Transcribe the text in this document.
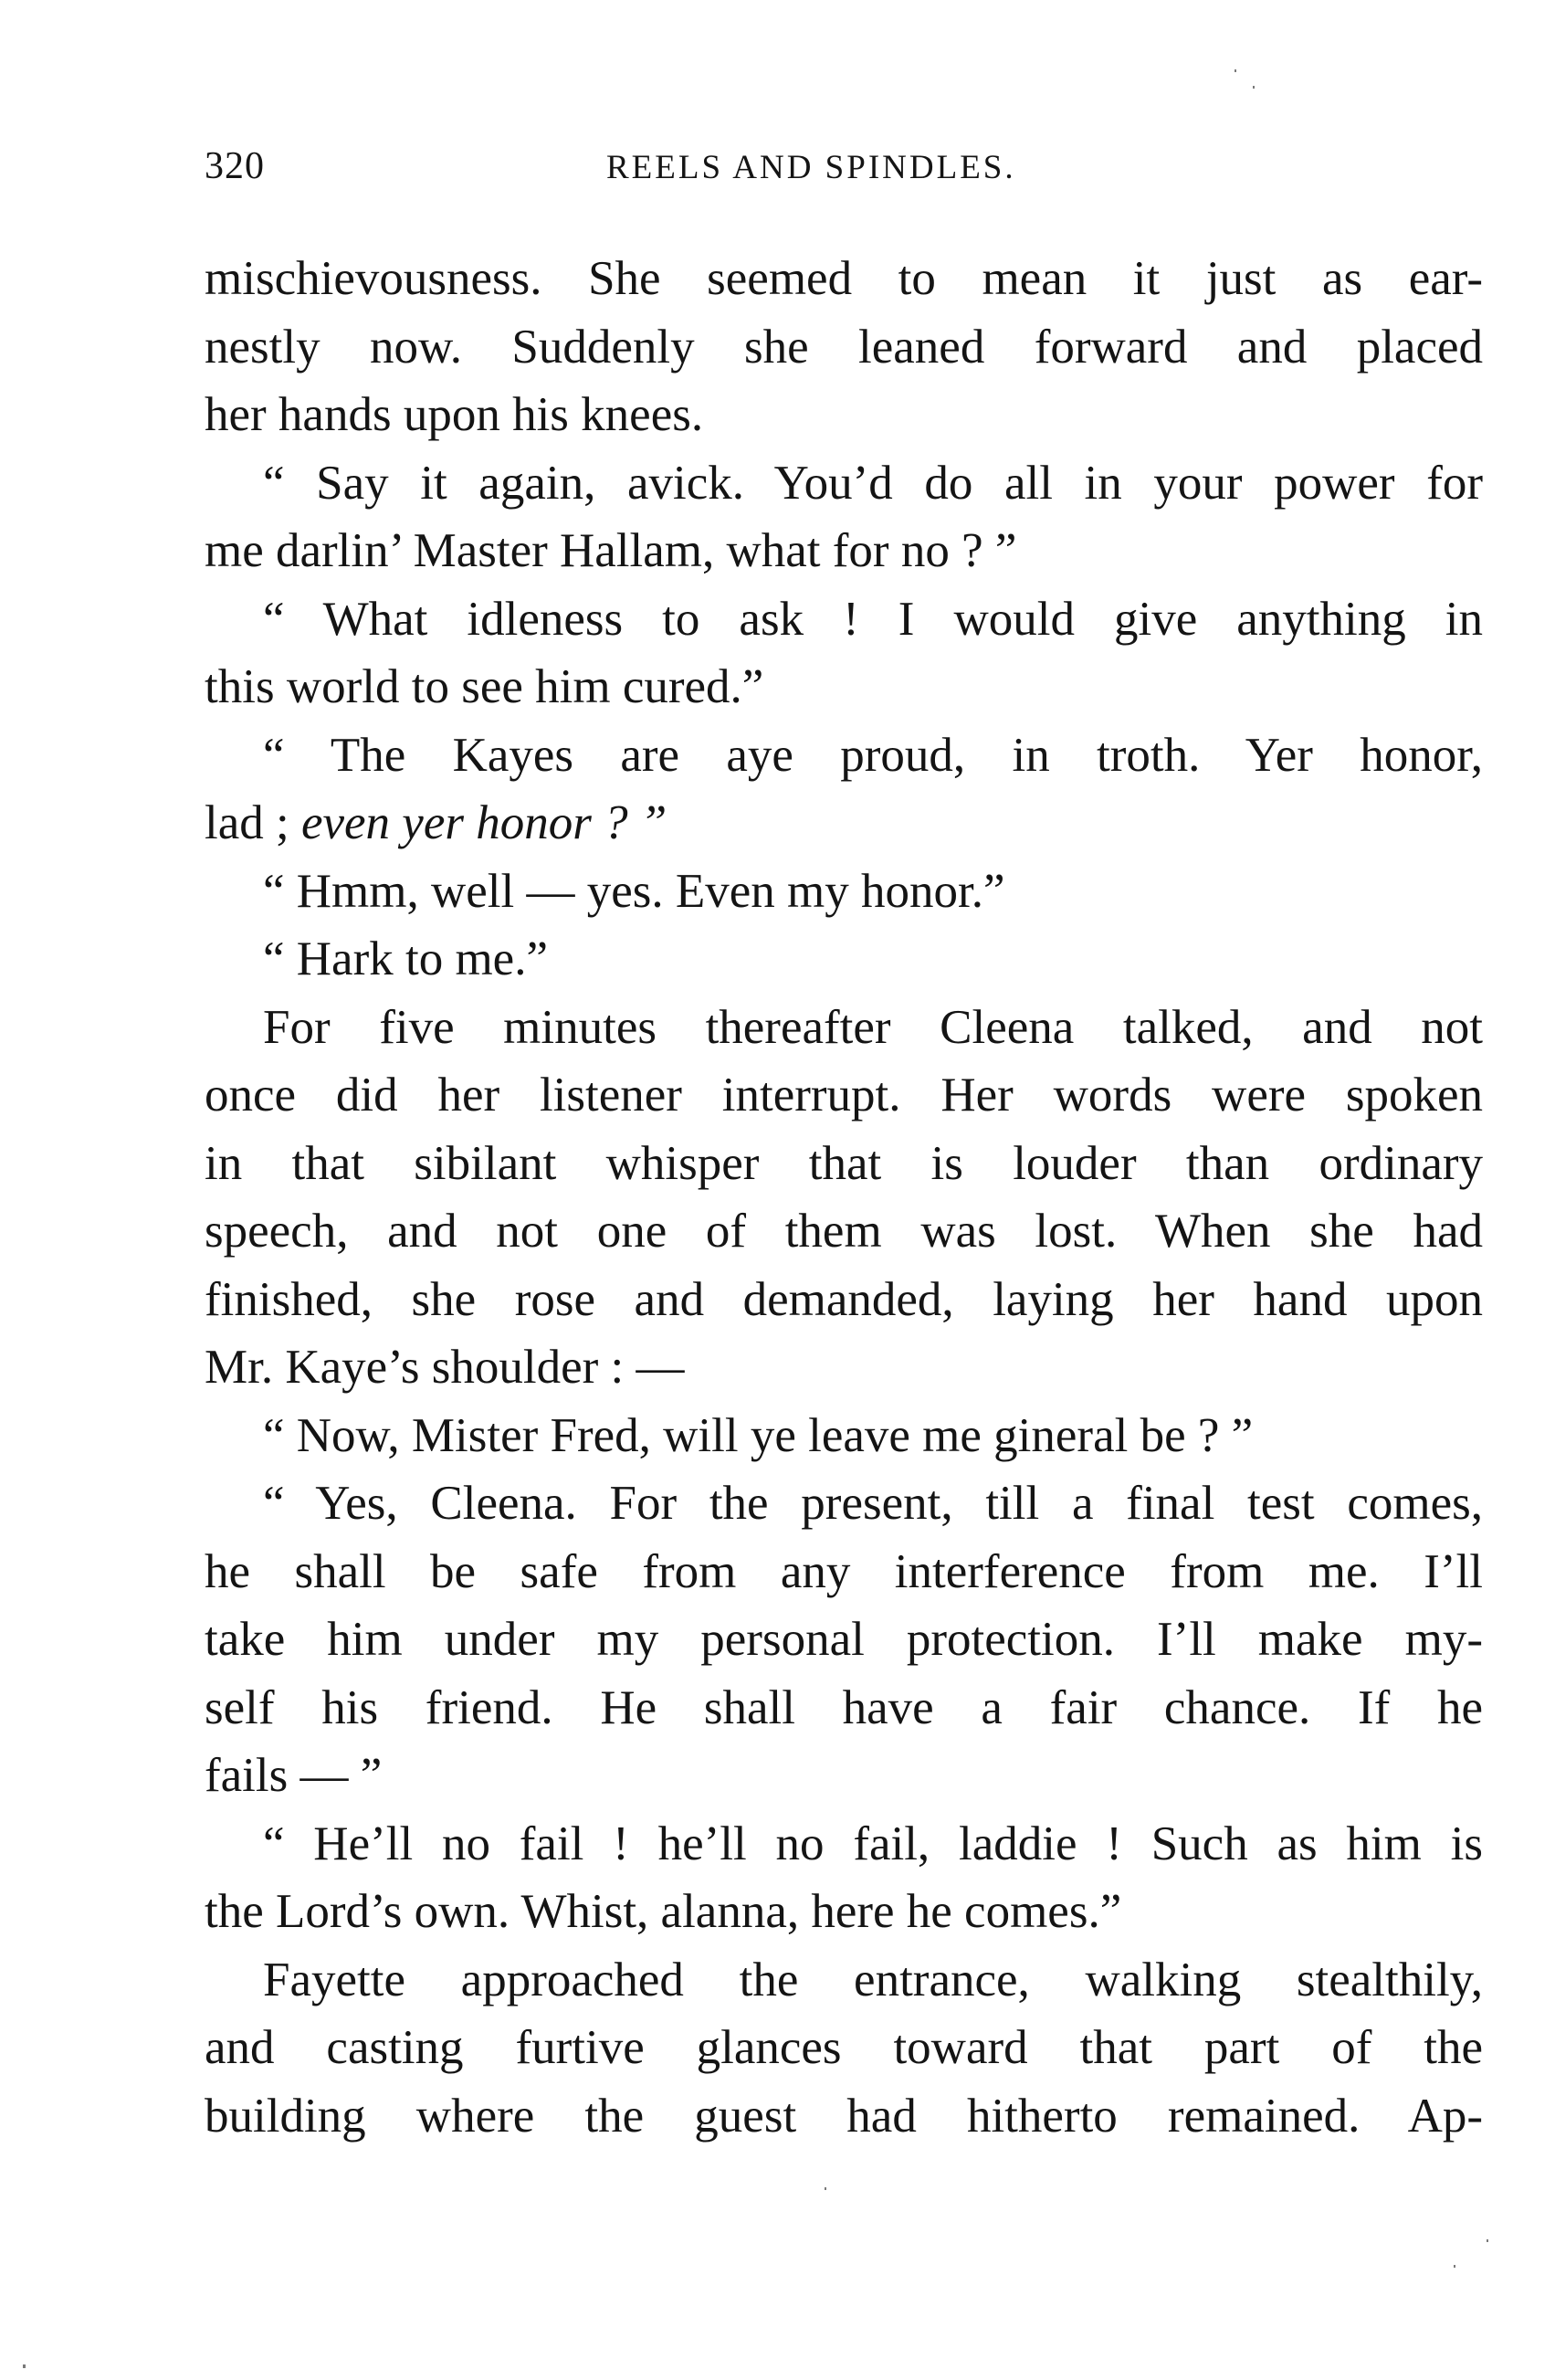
320	REELS AND SPINDLES.
mischievousness. She seemed to mean it just as ear-
nestly now. Suddenly she leaned forward and placed
her hands upon his knees.
“ Say it again, avick. You’d do all in your power for
me darlin’ Master Hallam, what for no ? ”
“ What idleness to ask ! I would give anything in
this world to see him cured.”
“ The Kayes are aye proud, in troth. Yer honor,
lad ; even yer honor ? ”
“ Hmm, well — yes. Even my honor.”
“ Hark to me.”
For five minutes thereafter Cleena talked, and not
once did her listener interrupt. Her words were spoken
in that sibilant whisper that is louder than ordinary
speech, and not one of them was lost. When she had
finished, she rose and demanded, laying her hand upon
Mr. Kaye’s shoulder : —
“ Now, Mister Fred, will ye leave me gineral be ? ”
“ Yes, Cleena. For the present, till a final test comes,
he shall be safe from any interference from me. I’ll
take him under my personal protection. I’ll make my-
self his friend. He shall have a fair chance. If he
fails — ”
“ He’ll no fail ! he’ll no fail, laddie ! Such as him is
the Lord’s own. Whist, alanna, here he comes.”
Fayette approached the entrance, walking stealthily,
and casting furtive glances toward that part of the
building where the guest had hitherto remained. Ap-
